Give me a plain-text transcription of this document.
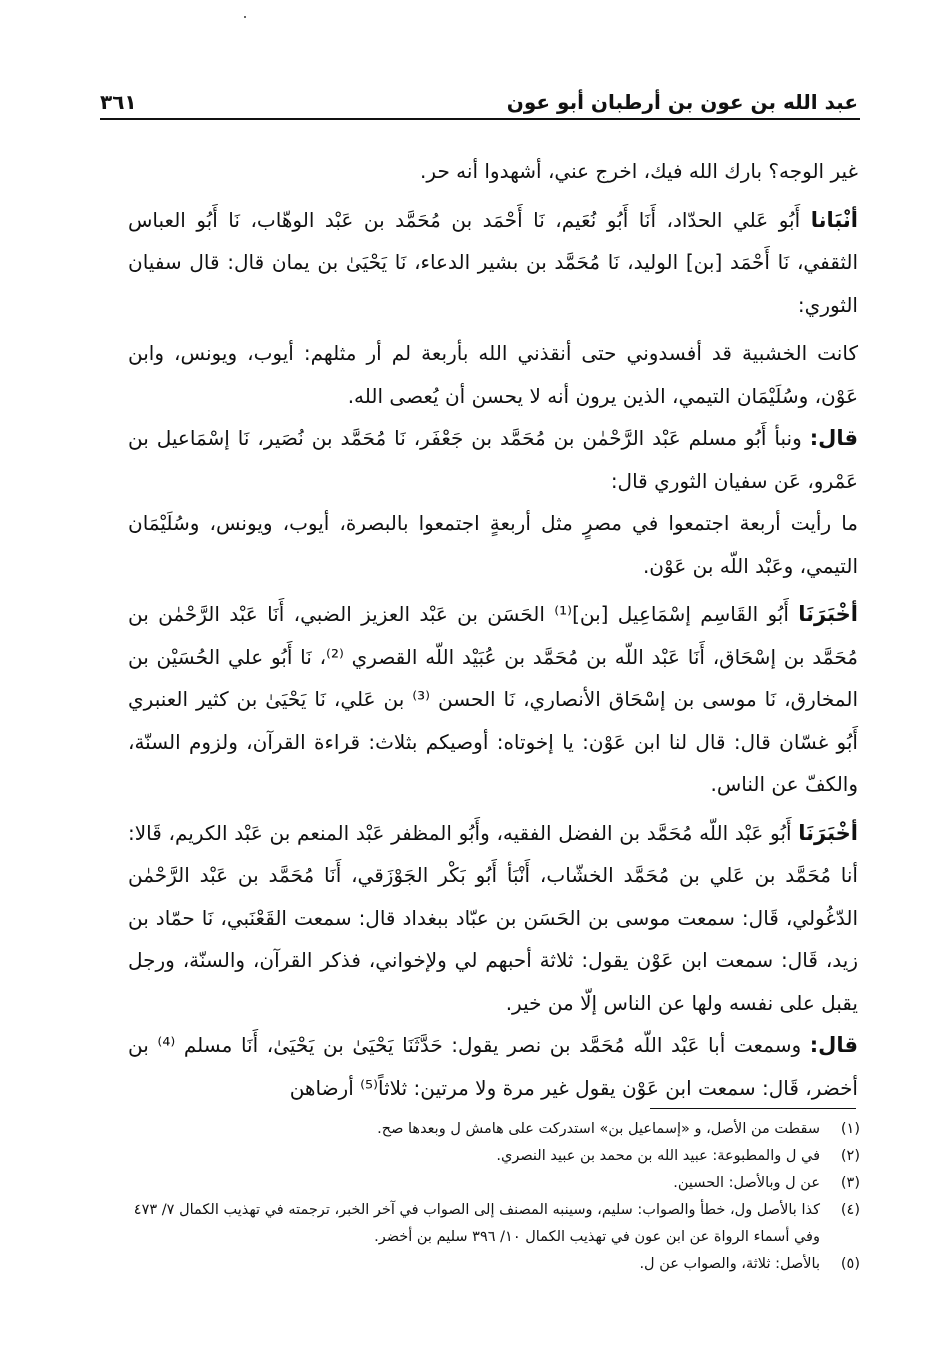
عبد الله بن عون بن أرطبان أبو عون
٣٦١

غير الوجه؟ بارك الله فيك، اخرج عني، أشهدوا أنه حر.

أنْبَانا أَبُو عَلي الحدّاد، أَنَا أَبُو نُعَيم، نَا أَحْمَد بن مُحَمَّد بن عَبْد الوهّاب، نَا أَبُو العباس الثقفي، نَا أَحْمَد [بن] الوليد، نَا مُحَمَّد بن بشير الدعاء، نَا يَحْيَىٰ بن يمان قال: قال سفيان الثوري:

كانت الخشبية قد أفسدوني حتى أنقذني الله بأربعة لم أر مثلهم: أيوب، ويونس، وابن عَوْن، وسُلَيْمَان التيمي، الذين يرون أنه لا يحسن أن يُعصى الله.

قال: ونبأ أَبُو مسلم عَبْد الرَّحْمٰن بن مُحَمَّد بن جَعْفَر، نَا مُحَمَّد بن نُصَير، نَا إسْمَاعيل بن عَمْرو، عَن سفيان الثوري قال:

ما رأيت أربعة اجتمعوا في مصرٍ مثل أربعةٍ اجتمعوا بالبصرة، أيوب، ويونس، وسُلَيْمَان التيمي، وعَبْد اللّه بن عَوْن.

أخْبَرَنَا أَبُو القَاسِم إسْمَاعِيل [بن]⁽¹⁾ الحَسَن بن عَبْد العزيز الضبي، أَنَا عَبْد الرَّحْمٰن بن مُحَمَّد بن إسْحَاق، أَنَا عَبْد اللّه بن مُحَمَّد بن عُبَيْد اللّه القصري ⁽²⁾، نَا أَبُو علي الحُسَيْن بن المخارق، نَا موسى بن إسْحَاق الأنصاري، نَا الحسن ⁽³⁾ بن عَلي، نَا يَحْيَىٰ بن كثير العنبري أَبُو غسّان قال: قال لنا ابن عَوْن: يا إخوتاه: أوصيكم بثلاث: قراءة القرآن، ولزوم السنّة، والكفّ عن الناس.

أخْبَرَنَا أَبُو عَبْد اللّه مُحَمَّد بن الفضل الفقيه، وأَبُو المظفر عَبْد المنعم بن عَبْد الكريم، قَالا: أنا مُحَمَّد بن عَلي بن مُحَمَّد الخشّاب، أَنْبَأ أَبُو بَكْر الجَوْزَقي، أَنَا مُحَمَّد بن عَبْد الرَّحْمٰن الدّغُولي، قَال: سمعت موسى بن الحَسَن بن عبّاد ببغداد قال: سمعت القَعْنَبي، نَا حمّاد بن زيد، قَال: سمعت ابن عَوْن يقول: ثلاثة أحبهم لي ولإخواني، فذكر القرآن، والسنّة، ورجل يقبل على نفسه ولها عن الناس إلّا من خير.

قال: وسمعت أبا عَبْد اللّه مُحَمَّد بن نصر يقول: حَدَّثَنَا يَحْيَىٰ بن يَحْيَىٰ، أَنَا مسلم ⁽⁴⁾ بن أخضر، قَال: سمعت ابن عَوْن يقول غير مرة ولا مرتين: ثلاثاً⁽⁵⁾ أرضاهن

(١)
سقطت من الأصل، و «إسماعيل بن» استدركت على هامش ل وبعدها صح.
(٢)
في ل والمطبوعة: عبيد الله بن محمد بن عبيد النصري.
(٣)
عن ل وبالأصل: الحسين.
(٤)
كذا بالأصل ول، خطأ والصواب: سليم، وسينبه المصنف إلى الصواب في آخر الخبر، ترجمته في تهذيب الكمال ٧/ ٤٧٣ وفي أسماء الرواة عن ابن عون في تهذيب الكمال ١٠/ ٣٩٦ سليم بن أخضر.
(٥)
بالأصل: ثلاثة، والصواب عن ل.
